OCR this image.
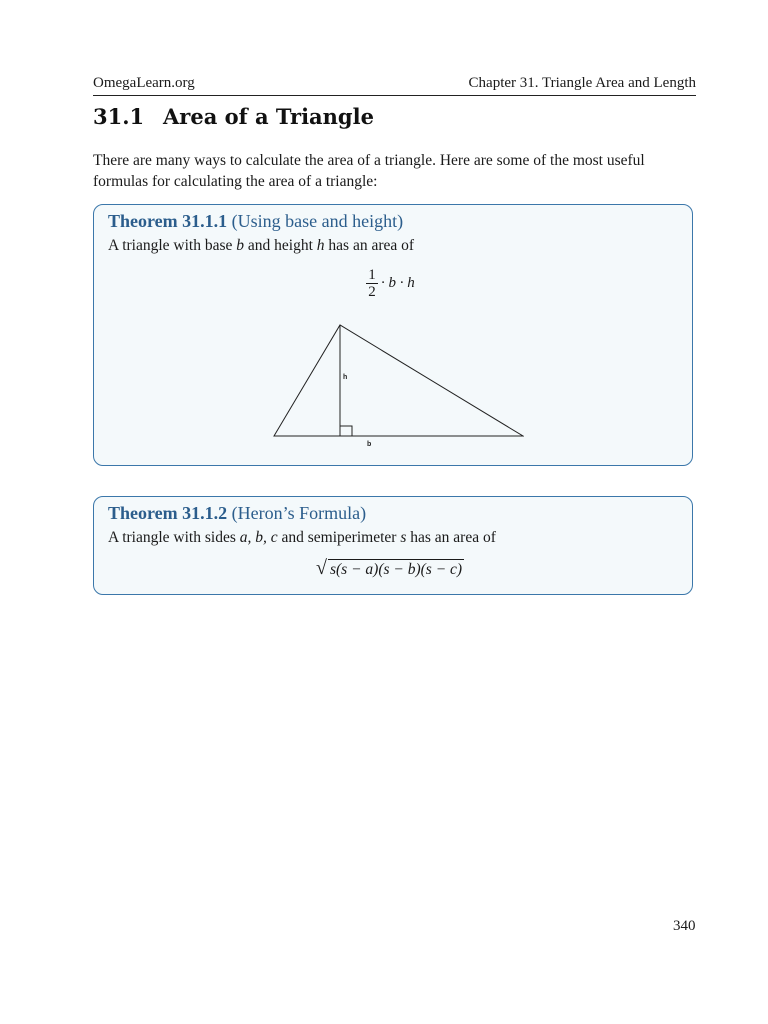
OmegaLearn.org	Chapter 31. Triangle Area and Length
31.1 Area of a Triangle
There are many ways to calculate the area of a triangle. Here are some of the most useful formulas for calculating the area of a triangle:
Theorem 31.1.1 (Using base and height)
A triangle with base b and height h has an area of
$\frac{1}{2} \cdot b \cdot h$
h
b
Theorem 31.1.2 (Heron’s Formula)
A triangle with sides a, b, c and semiperimeter s has an area of
√ s(s − a)(s − b)(s − c)
340
